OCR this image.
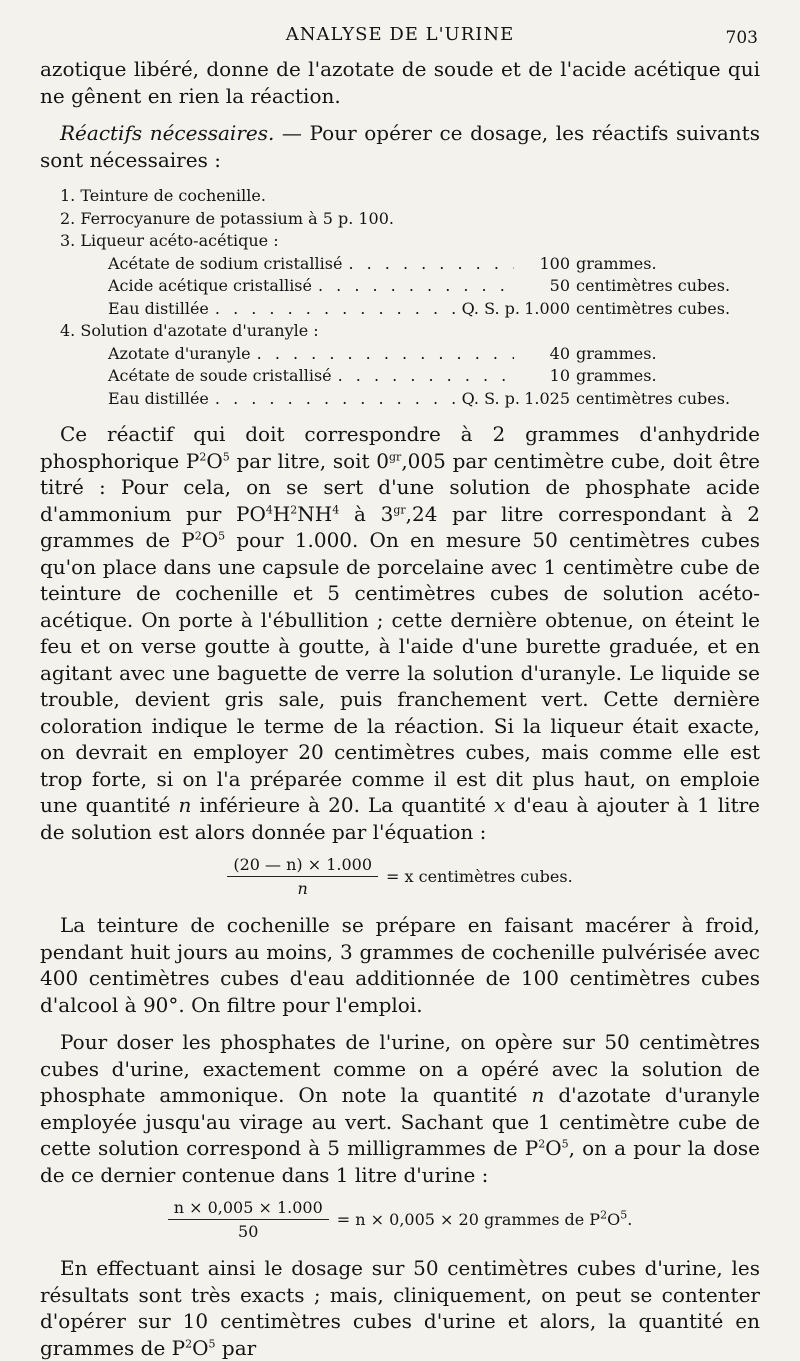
ANALYSE DE L'URINE	703

azotique libéré, donne de l'azotate de soude et de l'acide acétique qui ne gênent en rien la réaction.

Réactifs nécessaires. — Pour opérer ce dosage, les réactifs suivants sont nécessaires :

1. Teinture de cochenille.
2. Ferrocyanure de potassium à 5 p. 100.
3. Liqueur acéto-acétique :
Acétate de sodium cristallisé . . .	100 grammes.
Acide acétique cristallisé . . .	50 centimètres cubes.
Eau distillée . . .	Q. S. p. 1.000 centimètres cubes.
4. Solution d'azotate d'uranyle :
Azotate d'uranyle . . .	40 grammes.
Acétate de soude cristallisé . . .	10 grammes.
Eau distillée . . .	Q. S. p. 1.025 centimètres cubes.

Ce réactif qui doit correspondre à 2 grammes d'anhydride phosphorique $P^2O^5$ par litre, soit $0^{gr},005$ par centimètre cube, doit être titré : Pour cela, on se sert d'une solution de phosphate acide d'ammonium pur $PO^4H^2NH^4$ à $3^{gr},24$ par litre correspondant à 2 grammes de $P^2O^5$ pour 1.000. On en mesure 50 centimètres cubes qu'on place dans une capsule de porcelaine avec 1 centimètre cube de teinture de cochenille et 5 centimètres cubes de solution acéto-acétique. On porte à l'ébullition ; cette dernière obtenue, on éteint le feu et on verse goutte à goutte, à l'aide d'une burette graduée, et en agitant avec une baguette de verre la solution d'uranyle. Le liquide se trouble, devient gris sale, puis franchement vert. Cette dernière coloration indique le terme de la réaction. Si la liqueur était exacte, on devrait en employer 20 centimètres cubes, mais comme elle est trop forte, si on l'a préparée comme il est dit plus haut, on emploie une quantité n inférieure à 20. La quantité x d'eau à ajouter à 1 litre de solution est alors donnée par l'équation :

$\frac{(20 — n) \times 1.000}{n} = x$ centimètres cubes.

La teinture de cochenille se prépare en faisant macérer à froid, pendant huit jours au moins, 3 grammes de cochenille pulvérisée avec 400 centimètres cubes d'eau additionnée de 100 centimètres cubes d'alcool à 90°. On filtre pour l'emploi.

Pour doser les phosphates de l'urine, on opère sur 50 centimètres cubes d'urine, exactement comme on a opéré avec la solution de phosphate ammonique. On note la quantité n d'azotate d'uranyle employée jusqu'au virage au vert. Sachant que 1 centimètre cube de cette solution correspond à 5 milligrammes de $P^2O^5$, on a pour la dose de ce dernier contenue dans 1 litre d'urine :

$\frac{n \times 0,005 \times 1.000}{50} = n \times 0,005 \times 20$ grammes de $P^2O^5$.

En effectuant ainsi le dosage sur 50 centimètres cubes d'urine, les résultats sont très exacts ; mais, cliniquement, on peut se contenter d'opérer sur 10 centimètres cubes d'urine et alors, la quantité en grammes de $P^2O^5$ par
